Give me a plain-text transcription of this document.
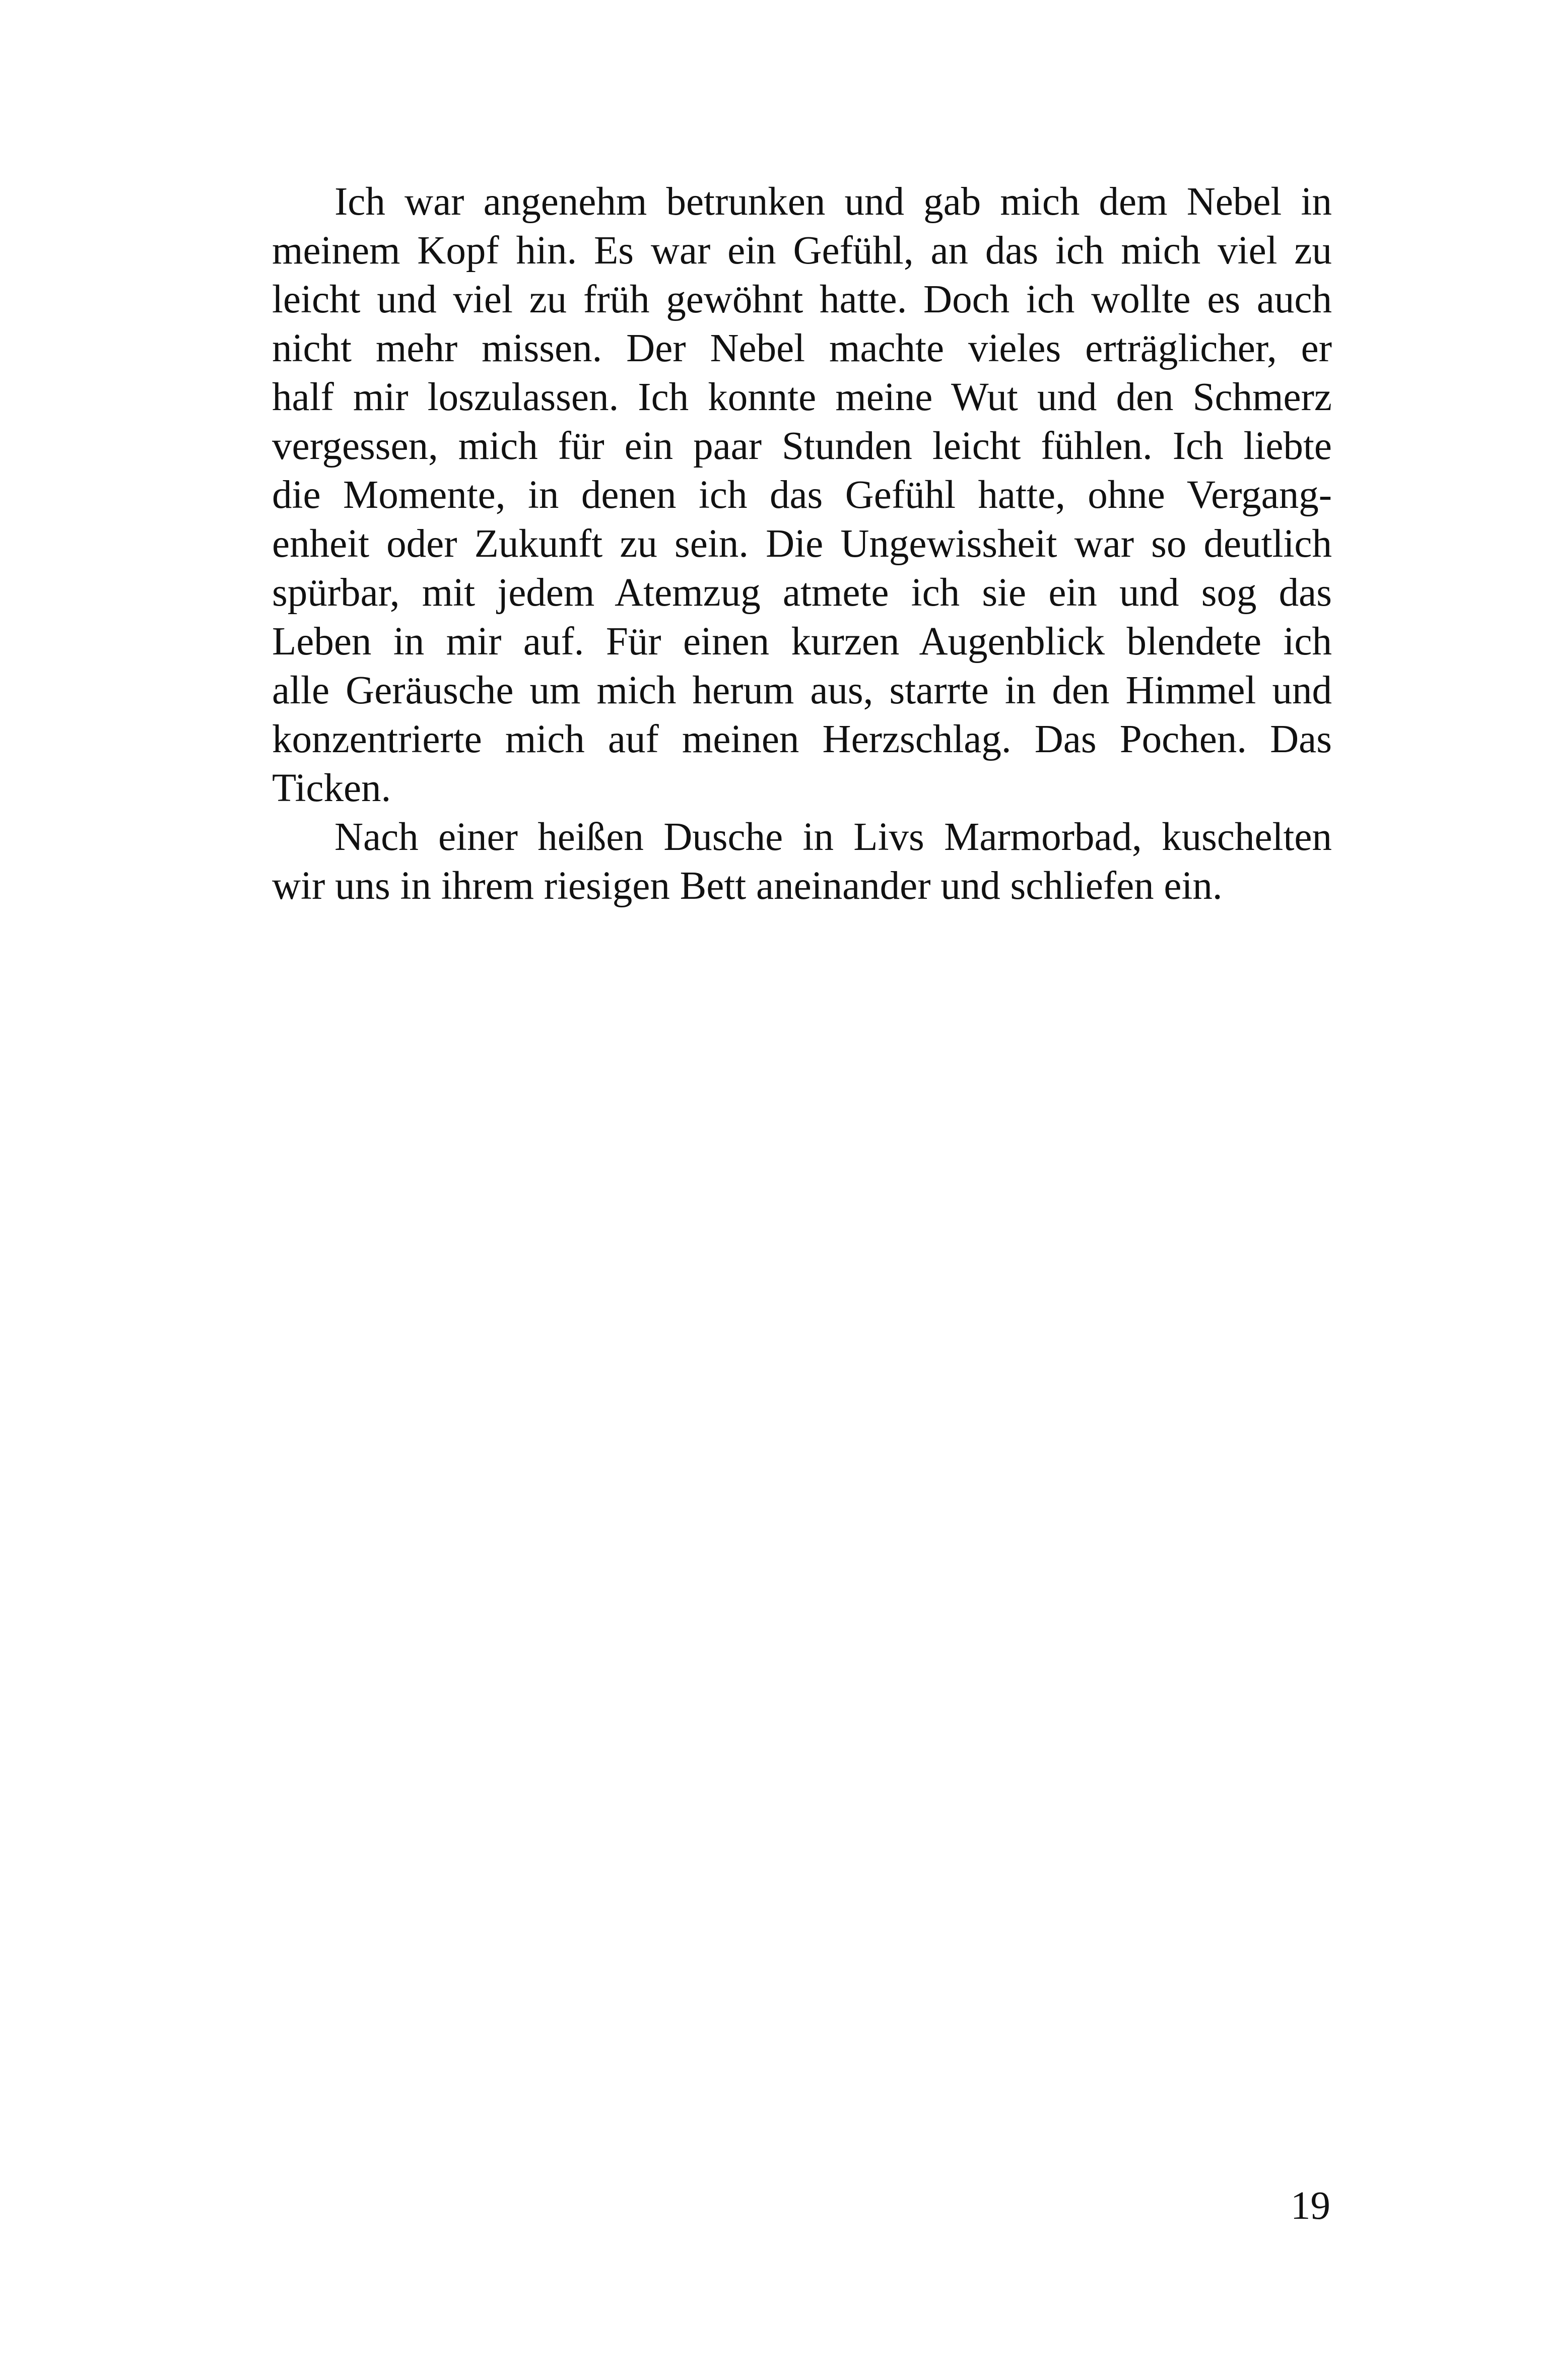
Ich war angenehm betrunken und gab mich dem Nebel in
meinem Kopf hin. Es war ein Gefühl, an das ich mich viel zu
leicht und viel zu früh gewöhnt hatte. Doch ich wollte es auch
nicht mehr missen. Der Nebel machte vieles erträglicher, er
half mir loszulassen. Ich konnte meine Wut und den Schmerz
vergessen, mich für ein paar Stunden leicht fühlen. Ich liebte
die Momente, in denen ich das Gefühl hatte, ohne Vergang-
enheit oder Zukunft zu sein. Die Ungewissheit war so deutlich
spürbar, mit jedem Atemzug atmete ich sie ein und sog das
Leben in mir auf. Für einen kurzen Augenblick blendete ich
alle Geräusche um mich herum aus, starrte in den Himmel und
konzentrierte mich auf meinen Herzschlag. Das Pochen. Das
Ticken.

Nach einer heißen Dusche in Livs Marmorbad, kuschelten
wir uns in ihrem riesigen Bett aneinander und schliefen ein.

19
